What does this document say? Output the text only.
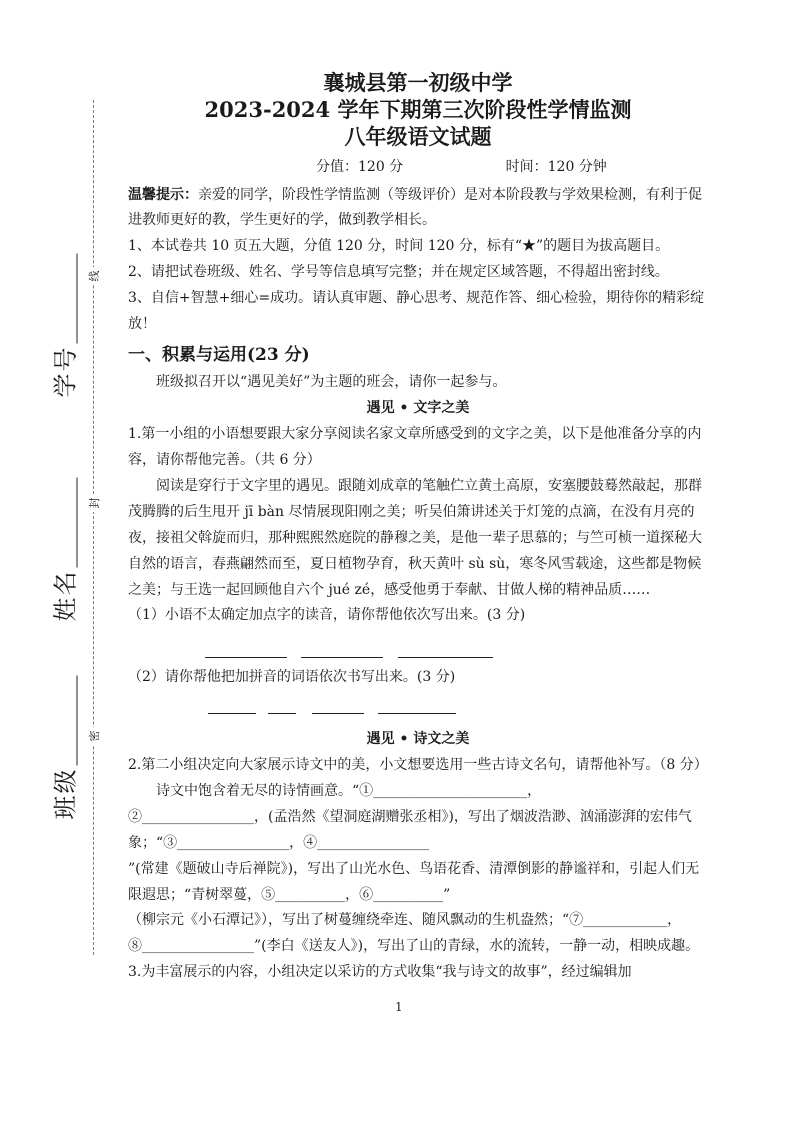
线
封
密
学号
姓名
班级

襄城县第一初级中学

2023-2024 学年下期第三次阶段性学情监测

八年级语文试题

分值：120 分	时间：120 分钟

温馨提示：亲爱的同学，阶段性学情监测（等级评价）是对本阶段教与学效果检测，有利于促进教师更好的教，学生更好的学，做到教学相长。

1、本试卷共 10 页五大题，分值 120 分，时间 120 分，标有“★”的题目为拔高题目。

2、请把试卷班级、姓名、学号等信息填写完整；并在规定区域答题，不得超出密封线。

3、自信+智慧+细心=成功。请认真审题、静心思考、规范作答、细心检验，期待你的精彩绽放！

一、积累与运用(23 分)

班级拟召开以“遇见美好”为主题的班会，请你一起参与。

遇见 • 文字之美

1.第一小组的小语想要跟大家分享阅读名家文章所感受到的文字之美，以下是他准备分享的内容，请你帮他完善。（共 6 分）

阅读是穿行于文字里的遇见。跟随刘成章的笔触伫立黄土高原，安塞腰鼓蓦然敲起，那群茂腾腾的后生甩开 jī bàn 尽情展现阳刚之美；听吴伯箫讲述关于灯笼的点滴，在没有月亮的夜，接祖父斡旋而归，那种熙熙然庭院的静穆之美，是他一辈子思慕的；与竺可桢一道探秘大自然的语言，春燕翩然而至，夏日植物孕育，秋天黄叶 sù sù，寒冬风雪载途，这些都是物候之美；与王选一起回顾他自六个 jué zé，感受他勇于奉献、甘做人梯的精神品质……

（1）小语不太确定加点字的读音，请你帮他依次写出来。(3 分)

（2）请你帮他把加拼音的词语依次书写出来。(3 分)

遇见 • 诗文之美

2.第二小组决定向大家展示诗文中的美，小文想要选用一些古诗文名句，请帮他补写。（8 分）

诗文中饱含着无尽的诗情画意。“①______________________，

②________________，(孟浩然《望洞庭湖赠张丞相》)，写出了烟波浩渺、汹涌澎湃的宏伟气象；“③________________，④________________

”(常建《题破山寺后禅院》)，写出了山光水色、鸟语花香、清潭倒影的静谧祥和，引起人们无限遐思；“青树翠蔓，⑤__________，⑥__________”

（柳宗元《小石潭记》），写出了树蔓缠绕牵连、随风飘动的生机盎然；“⑦____________，⑧________________”(李白《送友人》)，写出了山的青绿，水的流转，一静一动，相映成趣。

3.为丰富展示的内容，小组决定以采访的方式收集“我与诗文的故事”，经过编辑加

1
